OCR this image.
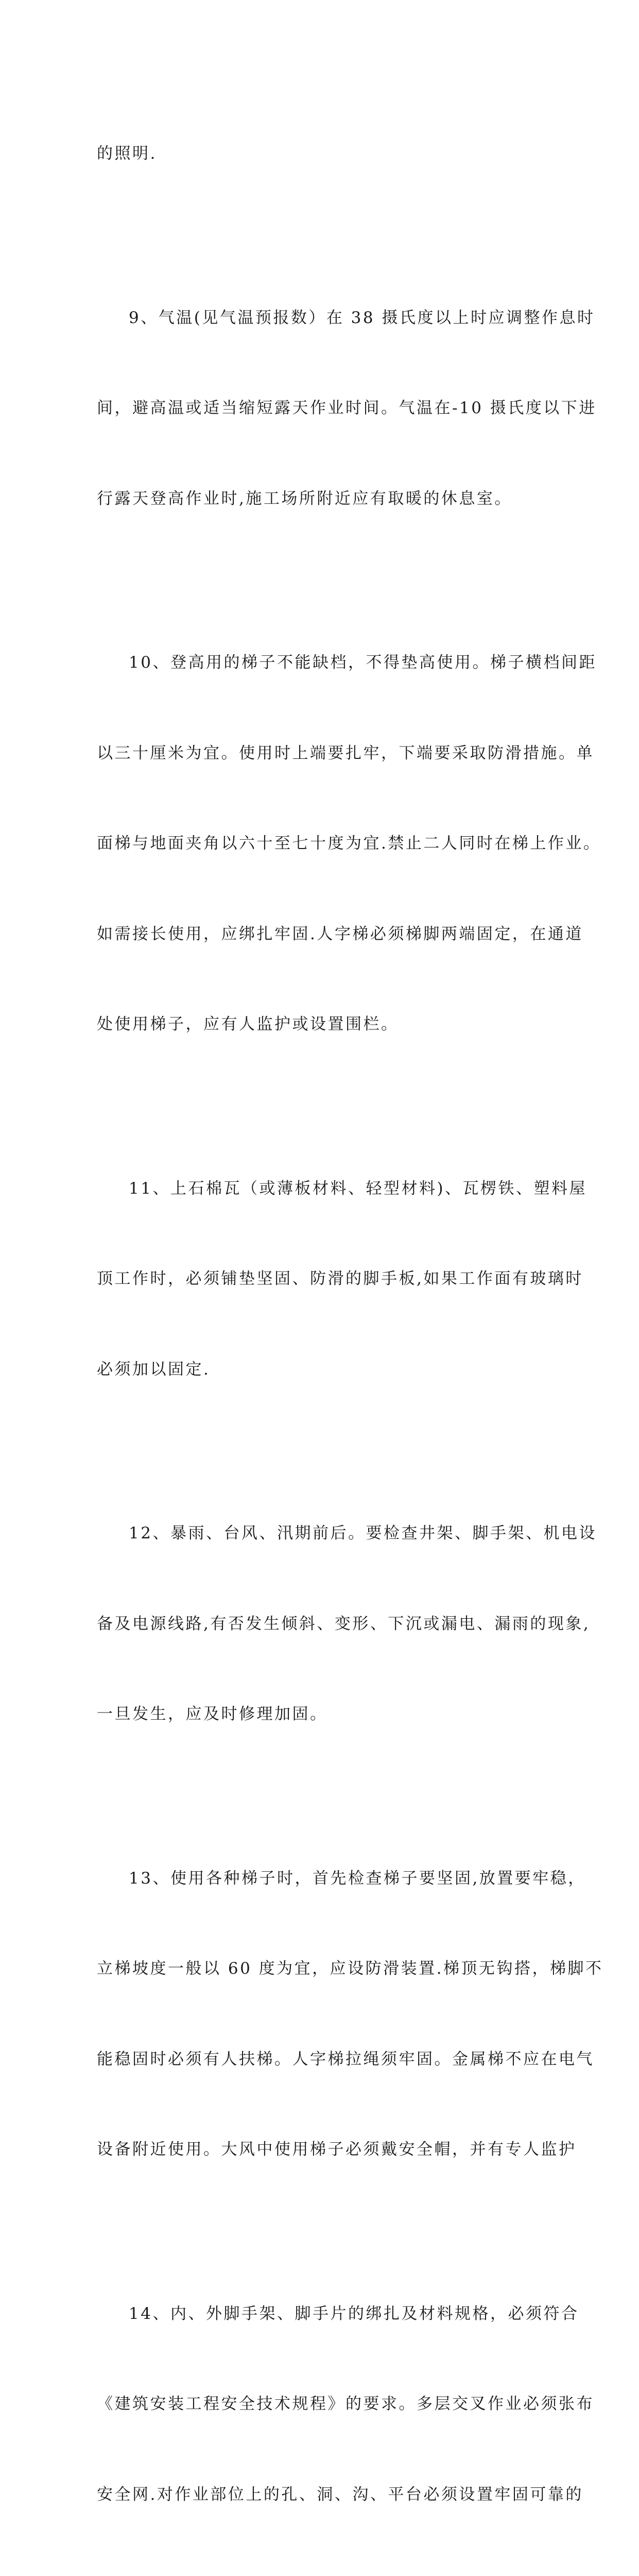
的照明.

9、气温(见气温预报数）在 38 摄氏度以上时应调整作息时

间，避高温或适当缩短露天作业时间。气温在-10 摄氏度以下进

行露天登高作业时,施工场所附近应有取暖的休息室。

10、登高用的梯子不能缺档，不得垫高使用。梯子横档间距

以三十厘米为宜。使用时上端要扎牢，下端要采取防滑措施。单

面梯与地面夹角以六十至七十度为宜.禁止二人同时在梯上作业。

如需接长使用，应绑扎牢固.人字梯必须梯脚两端固定，在通道

处使用梯子，应有人监护或设置围栏。

11、上石棉瓦（或薄板材料、轻型材料)、瓦楞铁、塑料屋

顶工作时，必须铺垫坚固、防滑的脚手板,如果工作面有玻璃时

必须加以固定.

12、暴雨、台风、汛期前后。要检查井架、脚手架、机电设

备及电源线路,有否发生倾斜、变形、下沉或漏电、漏雨的现象,

一旦发生，应及时修理加固。

13、使用各种梯子时，首先检查梯子要坚固,放置要牢稳，

立梯坡度一般以 60 度为宜，应设防滑装置.梯顶无钩搭，梯脚不

能稳固时必须有人扶梯。人字梯拉绳须牢固。金属梯不应在电气

设备附近使用。大风中使用梯子必须戴安全帽，并有专人监护

14、内、外脚手架、脚手片的绑扎及材料规格，必须符合

《建筑安装工程安全技术规程》的要求。多层交叉作业必须张布

安全网.对作业部位上的孔、洞、沟、平台必须设置牢固可靠的
